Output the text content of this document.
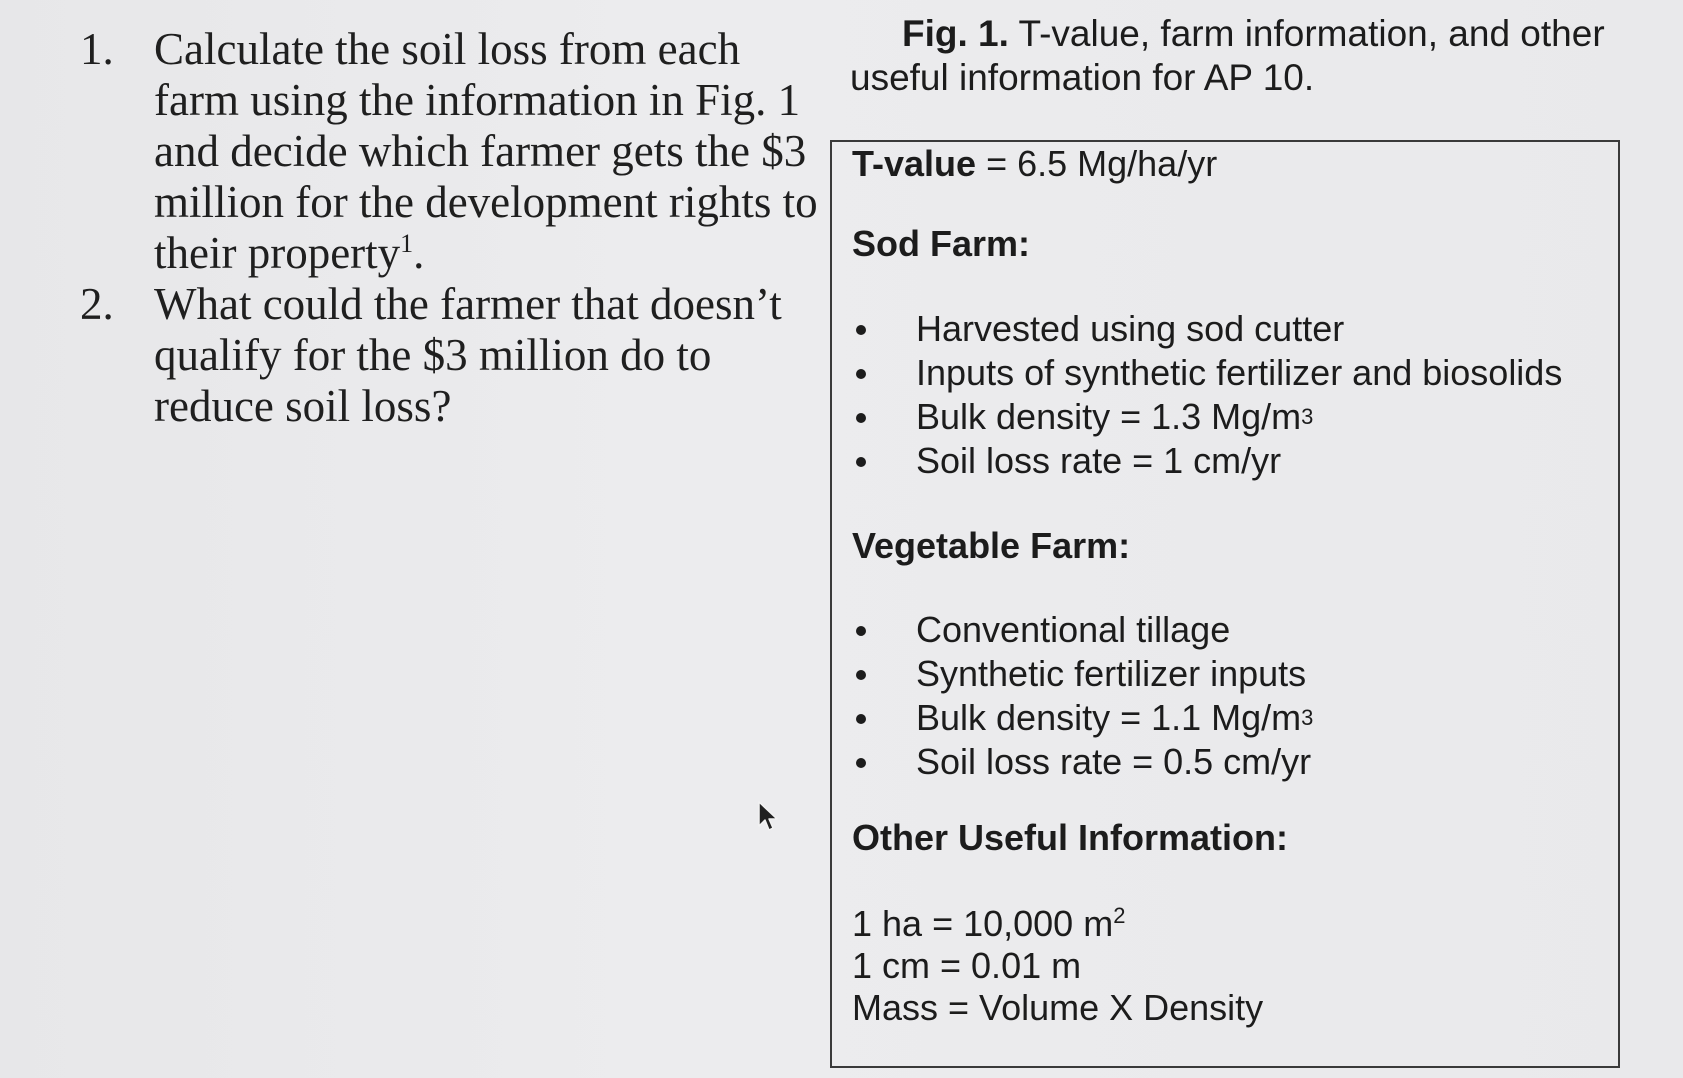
1. Calculate the soil loss from each farm using the information in Fig. 1 and decide which farmer gets the $3 million for the development rights to their property$^1$.
2. What could the farmer that doesn’t qualify for the $3 million do to reduce soil loss?
Fig. 1. T-value, farm information, and other useful information for AP 10.
T-value = 6.5 Mg/ha/yr
Sod Farm:
Harvested using sod cutter
Inputs of synthetic fertilizer and biosolids
Bulk density = 1.3 Mg/m 3
Soil loss rate = 1 cm/yr
Vegetable Farm:
Conventional tillage
Synthetic fertilizer inputs
Bulk density = 1.1 Mg/m 3
Soil loss rate = 0.5 cm/yr
Other Useful Information:
1 ha = 10,000 $m^2$
1 cm = 0.01 m
Mass = Volume X Density
